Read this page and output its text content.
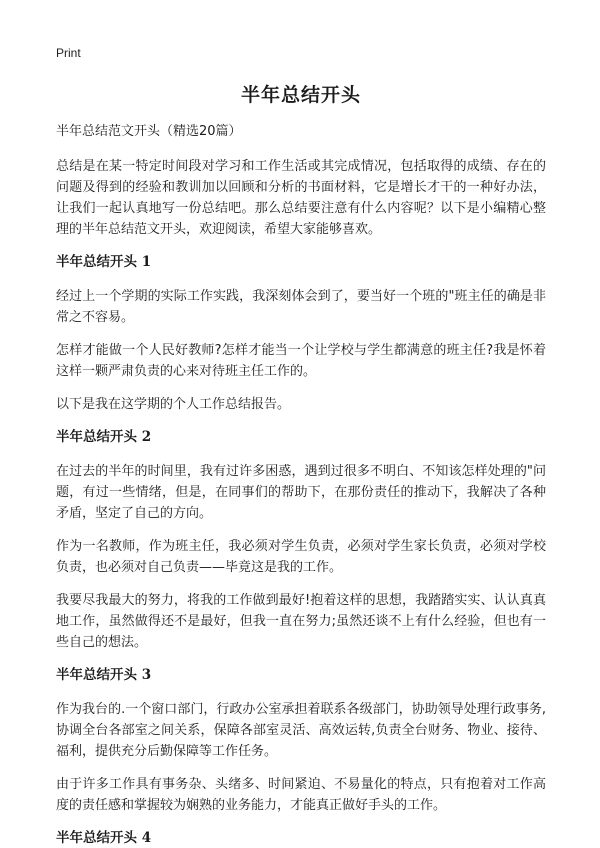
Print
半年总结开头
半年总结范文开头（精选20篇）

总结是在某一特定时间段对学习和工作生活或其完成情况，包括取得的成绩、存在的问题及得到的经验和教训加以回顾和分析的书面材料，它是增长才干的一种好办法，让我们一起认真地写一份总结吧。那么总结要注意有什么内容呢？以下是小编精心整理的半年总结范文开头，欢迎阅读，希望大家能够喜欢。

半年总结开头 1

经过上一个学期的实际工作实践，我深刻体会到了，要当好一个班的"班主任的确是非常之不容易。

怎样才能做一个人民好教师?怎样才能当一个让学校与学生都满意的班主任?我是怀着这样一颗严肃负责的心来对待班主任工作的。

以下是我在这学期的个人工作总结报告。

半年总结开头 2

在过去的半年的时间里，我有过许多困惑，遇到过很多不明白、不知该怎样处理的"问题，有过一些情绪，但是，在同事们的帮助下，在那份责任的推动下，我解决了各种矛盾，坚定了自己的方向。

作为一名教师，作为班主任，我必须对学生负责，必须对学生家长负责，必须对学校负责，也必须对自己负责——毕竟这是我的工作。

我要尽我最大的努力，将我的工作做到最好!抱着这样的思想，我踏踏实实、认认真真地工作，虽然做得还不是最好，但我一直在努力;虽然还谈不上有什么经验，但也有一些自己的想法。

半年总结开头 3

作为我台的.一个窗口部门，行政办公室承担着联系各级部门，协助领导处理行政事务,协调全台各部室之间关系，保障各部室灵活、高效运转,负责全台财务、物业、接待、福利，提供充分后勤保障等工作任务。

由于许多工作具有事务杂、头绪多、时间紧迫、不易量化的特点，只有抱着对工作高度的责任感和掌握较为娴熟的业务能力，才能真正做好手头的工作。

半年总结开头 4
